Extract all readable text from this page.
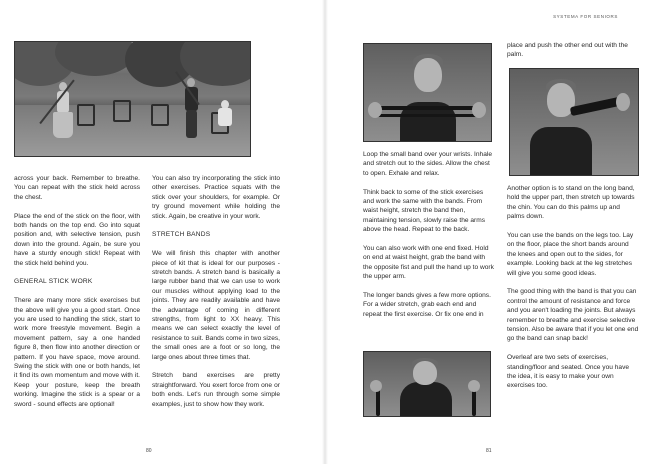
across your back. Remember to breathe. You can repeat with the stick held across the chest.

Place the end of the stick on the floor, with both hands on the top end. Go into squat position and, with selective tension, push down into the ground. Again, be sure you have a sturdy enough stick! Repeat with the stick held behind you.

GENERAL STICK WORK

There are many more stick exercises but the above will give you a good start. Once you are used to handling the stick, start to work more freestyle movement. Begin a movement pattern, say a one handed figure 8, then flow into another direction or pattern. If you have space, move around. Swing the stick with one or both hands, let it find its own momentum and move with it. Keep your posture, keep the breath working. Imagine the stick is a spear or a sword - sound effects are optional!

You can also try incorporating the stick into other exercises. Practice squats with the stick over your shoulders, for example. Or try ground movement while holding the stick. Again, be creative in your work.

STRETCH BANDS

We will finish this chapter with another piece of kit that is ideal for our purposes - stretch bands. A stretch band is basically a large rubber band that we can use to work our muscles without applying load to the joints. They are readily available and have the advantage of coming in different strengths, from light to XX heavy. This means we can select exactly the level of resistance to suit. Bands come in two sizes, the small ones are a foot or so long, the large ones about three times that.

Stretch band exercises are pretty straightforward. You exert force from one or both ends. Let's run through some simple examples, just to show how they work.

80
SYSTEMA FOR SENIORS

Loop the small band over your wrists. Inhale and stretch out to the sides. Allow the chest to open. Exhale and relax.

Think back to some of the stick exercises and work the same with the bands. From waist height, stretch the band then, maintaining tension, slowly raise the arms above the head. Repeat to the back.

You can also work with one end fixed. Hold on end at waist height, grab the band with the opposite fist and pull the hand up to work the upper arm.

The longer bands gives a few more options. For a wider stretch, grab each end and repeat the first exercise. Or fix one end in

place and push the other end out with the palm.

Another option is to stand on the long band, hold the upper part, then stretch up towards the chin. You can do this palms up and palms down.

You can use the bands on the legs too. Lay on the floor, place the short bands around the knees and open out to the sides, for example. Looking back at the leg stretches will give you some good ideas.

The good thing with the band is that you can control the amount of resistance and force and you aren't loading the joints. But always remember to breathe and exercise selective tension. Also be aware that if you let one end go the band can snap back!

Overleaf are two sets of exercises, standing/floor and seated. Once you have the idea, it is easy to make your own exercises too.

81
